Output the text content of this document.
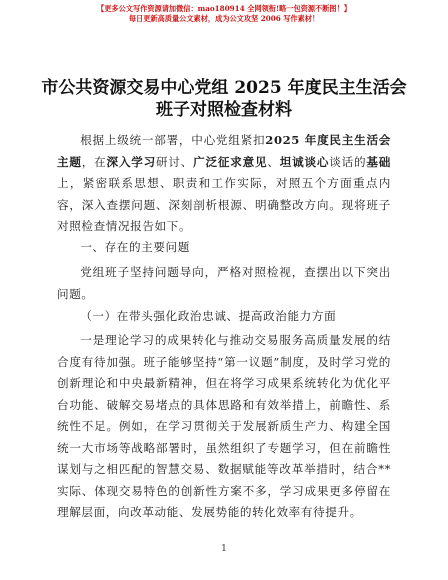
【更多公文写作资源请加微信：mao180914 全网领衔!略一包资源不断图！】
每日更新高质量公文素材，成为公文攻坚 2006 写作素材！
市公共资源交易中心党组 2025 年度民主生活会
班子对照检查材料

根据上级统一部署，中心党组紧扣2025 年度民主生活会主题，在深入学习研讨、广泛征求意见、坦诚谈心谈话的基础上，紧密联系思想、职责和工作实际，对照五个方面重点内容，深入查摆问题、深刻剖析根源、明确整改方向。现将班子对照检查情况报告如下。

一、存在的主要问题

党组班子坚持问题导向，严格对照检视，查摆出以下突出问题。

（一）在带头强化政治忠诚、提高政治能力方面

一是理论学习的成果转化与推动交易服务高质量发展的结合度有待加强。班子能够坚持“第一议题”制度，及时学习党的创新理论和中央最新精神，但在将学习成果系统转化为优化平台功能、破解交易堵点的具体思路和有效举措上，前瞻性、系统性不足。例如，在学习贯彻关于发展新质生产力、构建全国统一大市场等战略部署时，虽然组织了专题学习，但在前瞻性谋划与之相匹配的智慧交易、数据赋能等改革举措时，结合**实际、体现交易特色的创新性方案不多，学习成果更多停留在理解层面，向改革动能、发展势能的转化效率有待提升。

1
